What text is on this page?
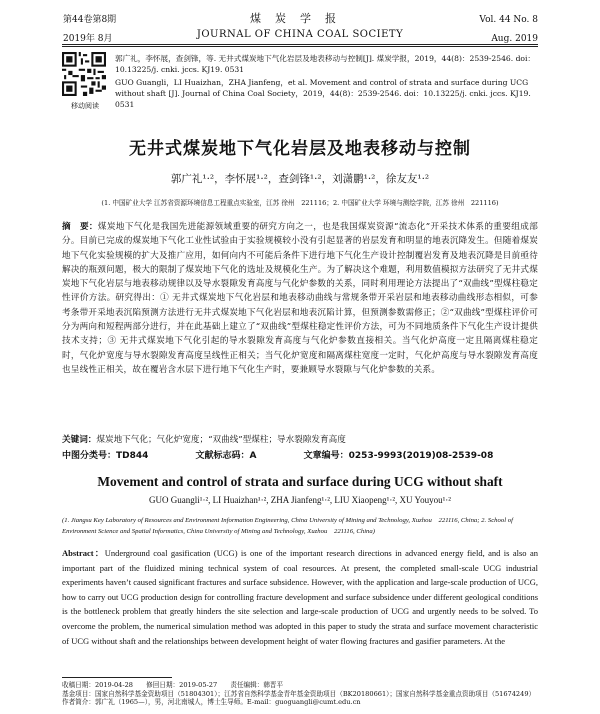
第44卷第8期
2019年 8月
煤炭学报
JOURNAL OF CHINA COAL SOCIETY
Vol. 44 No. 8
Aug. 2019
移动阅读
郭广礼，李怀展，查剑锋，等. 无井式煤炭地下气化岩层及地表移动与控制[J]. 煤炭学报，2019，44(8)：2539-2546. doi：10.13225/j. cnki. jccs. KJ19. 0531
GUO Guangli，LI Huaizhan，ZHA Jianfeng，et al. Movement and control of strata and surface during UCG without shaft [J]. Journal of China Coal Society，2019，44(8)：2539-2546. doi：10.13225/j. cnki. jccs. KJ19. 0531
无井式煤炭地下气化岩层及地表移动与控制
郭广礼¹·²，李怀展¹·²，查剑锋¹·²，刘潇鹏¹·²，徐友友¹·²
(1. 中国矿业大学 江苏省资源环境信息工程重点实验室，江苏 徐州　221116；2. 中国矿业大学 环境与测绘学院，江苏 徐州　221116)
摘　要：煤炭地下气化是我国先进能源领域重要的研究方向之一，也是我国煤炭资源“流态化”开采技术体系的重要组成部分。目前已完成的煤炭地下气化工业性试验由于实验规模较小没有引起显著的岩层发育和明显的地表沉降发生。但随着煤炭地下气化实验规模的扩大及推广应用，如何向内不可能后条件下进行地下气化生产设计控制覆岩发育及地表沉降是目前亟待解决的瓶颈问题，极大的限制了煤炭地下气化的选址及规模化生产。为了解决这个难题，利用数值模拟方法研究了无井式煤炭地下气化岩层与地表移动规律以及导水裂隙发育高度与气化炉参数的关系，同时利用理论方法提出了“双曲线”型煤柱稳定性评价方法。研究得出：① 无井式煤炭地下气化岩层和地表移动曲线与常规条带开采岩层和地表移动曲线形态相似，可参考条带开采地表沉陷预测方法进行无井式煤炭地下气化岩层和地表沉陷计算，但预测参数需修正；②“双曲线”型煤柱评价可分为两向和短程两部分进行，并在此基础上建立了“双曲线”型煤柱稳定性评价方法，可为不同地质条件下气化生产设计提供技术支持；③ 无井式煤炭地下气化引起的导水裂隙发育高度与气化炉参数直接相关。当气化炉高度一定且隔离煤柱稳定时，气化炉宽度与导水裂隙发育高度呈线性正相关；当气化炉宽度和隔离煤柱宽度一定时，气化炉高度与导水裂隙发育高度也呈线性正相关，故在覆岩含水层下进行地下气化生产时，要兼顾导水裂隙与气化炉参数的关系。
关键词：煤炭地下气化；气化炉宽度；“双曲线”型煤柱；导水裂隙发育高度
中图分类号：TD844	文献标志码：A	文章编号：0253-9993(2019)08-2539-08
Movement and control of strata and surface during UCG without shaft
GUO Guangli¹·², LI Huaizhan¹·², ZHA Jianfeng¹·², LIU Xiaopeng¹·², XU Youyou¹·²
(1. Jiangsu Key Laboratory of Resources and Environment Information Engineering, China University of Mining and Technology, Xuzhou　221116, China; 2. School of Environment Science and Spatial Informatics, China University of Mining and Technology, Xuzhou　221116, China)
Abstract：Underground coal gasification (UCG) is one of the important research directions in advanced energy field, and is also an important part of the fluidized mining technical system of coal resources. At present, the completed small-scale UCG industrial experiments haven’t caused significant fractures and surface subsidence. However, with the application and large-scale production of UCG, how to carry out UCG production design for controlling fracture development and surface subsidence under different geological conditions is the bottleneck problem that greatly hinders the site selection and large-scale production of UCG and urgently needs to be solved. To overcome the problem, the numerical simulation method was adopted in this paper to study the strata and surface movement characteristic of UCG without shaft and the relationships between development height of water flowing fractures and gasifier parameters. At the
收稿日期：2019-04-28　　修回日期：2019-05-27　　责任编辑：韩晋平
基金项目：国家自然科学基金资助项目（51804301）；江苏省自然科学基金青年基金资助项目（BK20180661）；国家自然科学基金重点资助项目（51674249）
作者简介：郭广礼（1965—），男，河北南城人，博士生导师。E-mail：guoguangli@cumt.edu.cn
